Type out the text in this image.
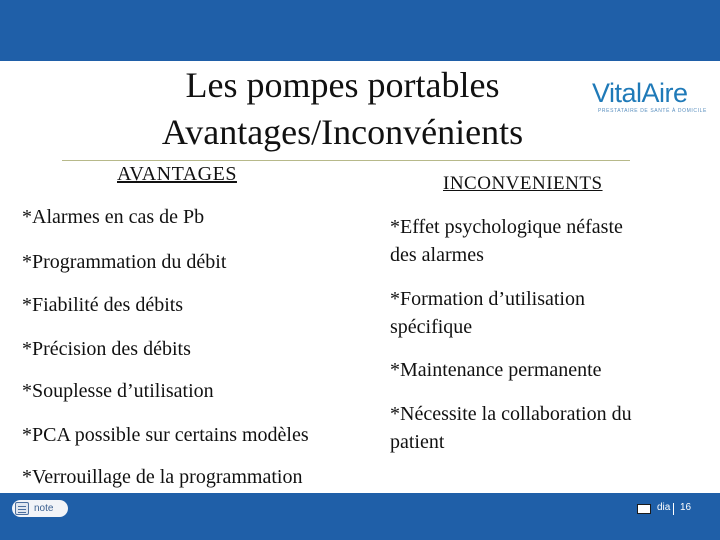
Les pompes portables
Avantages/Inconvénients
VitalAire
PRESTATAIRE DE SANTÉ À DOMICILE
AVANTAGES	INCONVENIENTS
*Alarmes en cas de Pb
*Programmation du débit
*Fiabilité des débits
*Précision des débits
*Souplesse d’utilisation
*PCA possible sur certains modèles
*Verrouillage de la programmation
*Effet psychologique néfaste
des alarmes
*Formation d’utilisation
spécifique
*Maintenance permanente
*Nécessite la collaboration du
patient
note	dia 16
